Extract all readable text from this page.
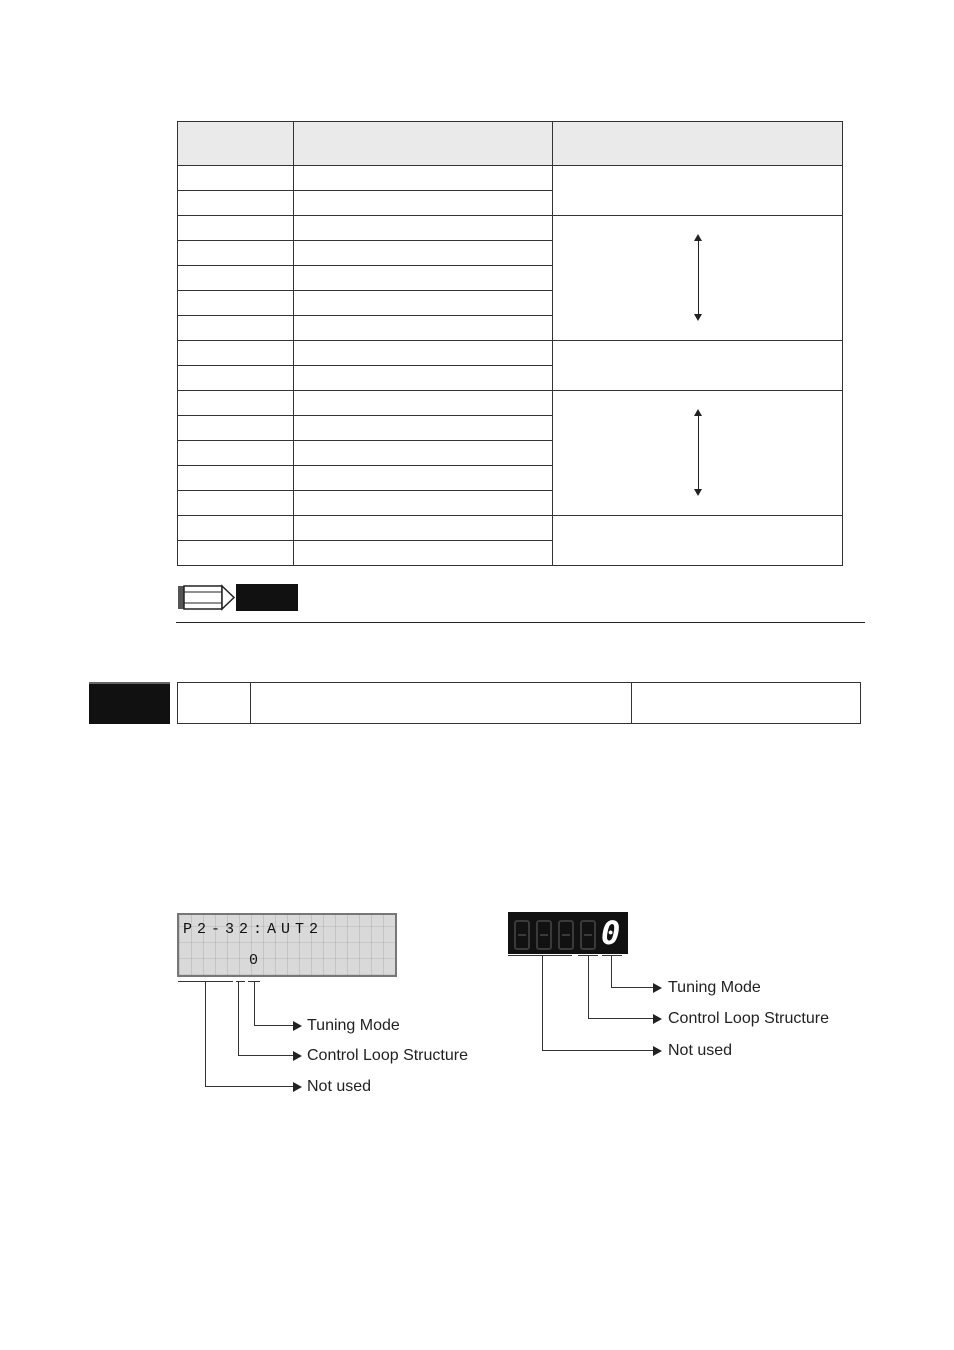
P2-32:AUT2
0
Tuning Mode
Control Loop Structure
Not used
0
Tuning Mode
Control Loop Structure
Not used
